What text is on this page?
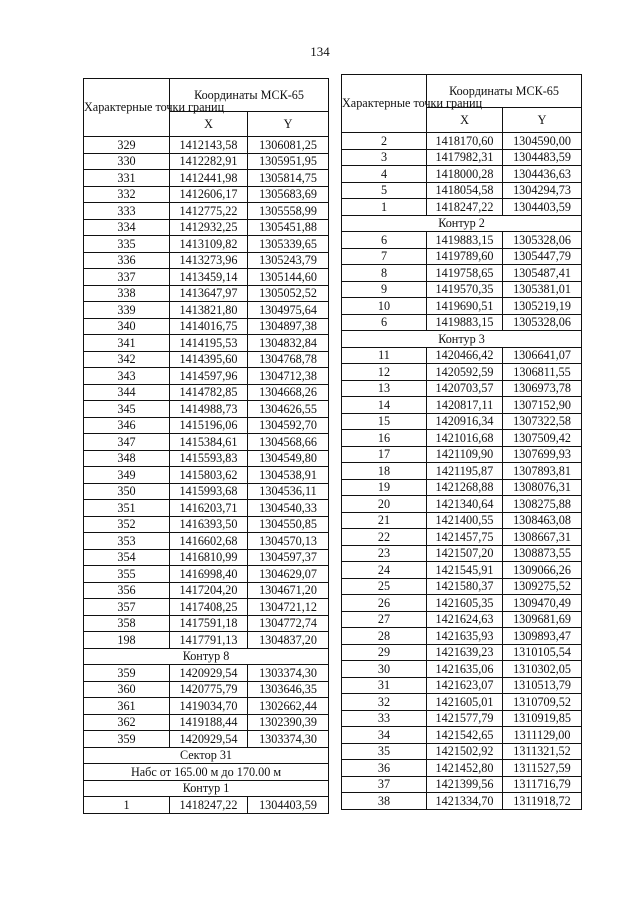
134
Характерные точки границ	Координаты МСК-65	
	X	Y
329	1412143,58	1306081,25
330	1412282,91	1305951,95
331	1412441,98	1305814,75
332	1412606,17	1305683,69
333	1412775,22	1305558,99
334	1412932,25	1305451,88
335	1413109,82	1305339,65
336	1413273,96	1305243,79
337	1413459,14	1305144,60
338	1413647,97	1305052,52
339	1413821,80	1304975,64
340	1414016,75	1304897,38
341	1414195,53	1304832,84
342	1414395,60	1304768,78
343	1414597,96	1304712,38
344	1414782,85	1304668,26
345	1414988,73	1304626,55
346	1415196,06	1304592,70
347	1415384,61	1304568,66
348	1415593,83	1304549,80
349	1415803,62	1304538,91
350	1415993,68	1304536,11
351	1416203,71	1304540,33
352	1416393,50	1304550,85
353	1416602,68	1304570,13
354	1416810,99	1304597,37
355	1416998,40	1304629,07
356	1417204,20	1304671,20
357	1417408,25	1304721,12
358	1417591,18	1304772,74
198	1417791,13	1304837,20
Контур 8		
359	1420929,54	1303374,30
360	1420775,79	1303646,35
361	1419034,70	1302662,44
362	1419188,44	1302390,39
359	1420929,54	1303374,30
Сектор 31		
Набс от 165.00 м до 170.00 м		
Контур 1		
1	1418247,22	1304403,59
Характерные точки границ	Координаты МСК-65	
	X	Y
2	1418170,60	1304590,00
3	1417982,31	1304483,59
4	1418000,28	1304436,63
5	1418054,58	1304294,73
1	1418247,22	1304403,59
Контур 2		
6	1419883,15	1305328,06
7	1419789,60	1305447,79
8	1419758,65	1305487,41
9	1419570,35	1305381,01
10	1419690,51	1305219,19
6	1419883,15	1305328,06
Контур 3		
11	1420466,42	1306641,07
12	1420592,59	1306811,55
13	1420703,57	1306973,78
14	1420817,11	1307152,90
15	1420916,34	1307322,58
16	1421016,68	1307509,42
17	1421109,90	1307699,93
18	1421195,87	1307893,81
19	1421268,88	1308076,31
20	1421340,64	1308275,88
21	1421400,55	1308463,08
22	1421457,75	1308667,31
23	1421507,20	1308873,55
24	1421545,91	1309066,26
25	1421580,37	1309275,52
26	1421605,35	1309470,49
27	1421624,63	1309681,69
28	1421635,93	1309893,47
29	1421639,23	1310105,54
30	1421635,06	1310302,05
31	1421623,07	1310513,79
32	1421605,01	1310709,52
33	1421577,79	1310919,85
34	1421542,65	1311129,00
35	1421502,92	1311321,52
36	1421452,80	1311527,59
37	1421399,56	1311716,79
38	1421334,70	1311918,72
